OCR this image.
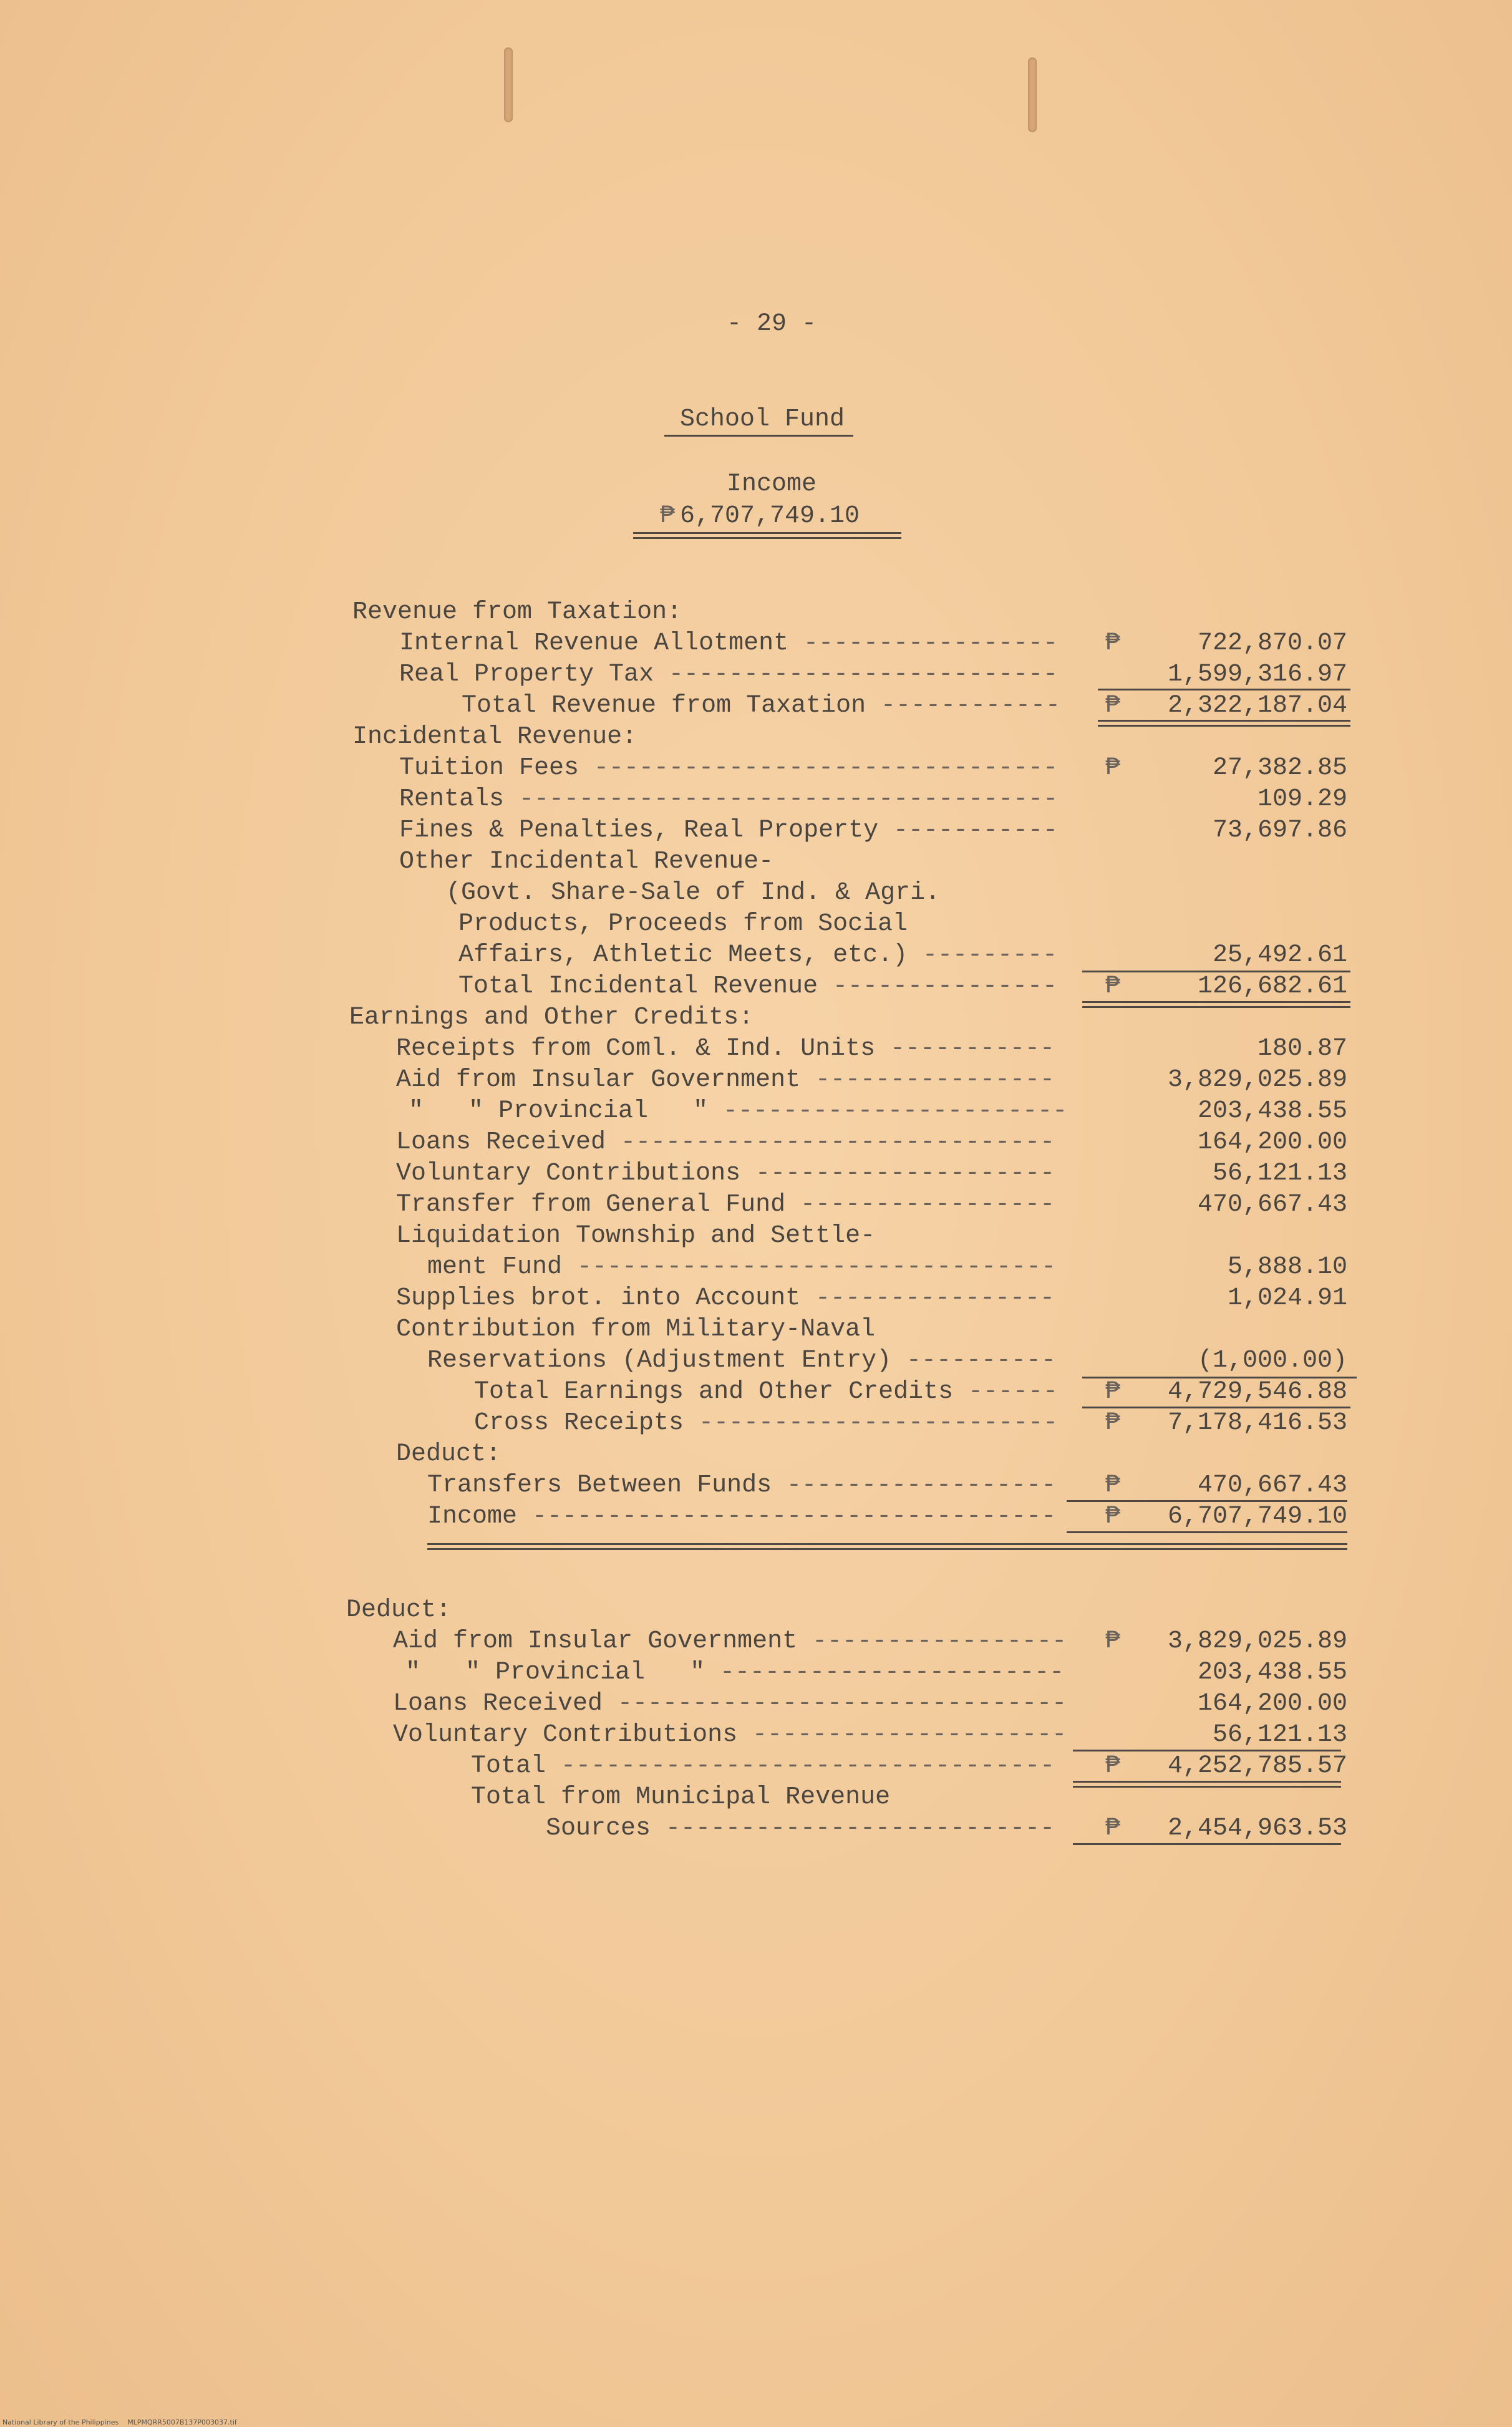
- 29 -
School Fund
Income
₱ 6,707,749.10
Revenue from Taxation:
Internal Revenue Allotment -----------------	₱	722,870.07
Real Property Tax --------------------------	1,599,316.97
Total Revenue from Taxation ------------ ₱	2,322,187.04
Incidental Revenue:
Tuition Fees -------------------------------	₱	27,382.85
Rentals ------------------------------------	109.29
Fines & Penalties, Real Property -----------	73,697.86
Other Incidental Revenue-
(Govt. Share-Sale of Ind. & Agri.
Products, Proceeds from Social
Affairs, Athletic Meets, etc.) ---------	25,492.61
Total Incidental Revenue ---------------	₱	126,682.61
Earnings and Other Credits:
Receipts from Coml. & Ind. Units -----------	180.87
Aid from Insular Government ----------------	3,829,025.89
"   " Provincial   " -----------------------	203,438.55
Loans Received -----------------------------	164,200.00
Voluntary Contributions --------------------	56,121.13
Transfer from General Fund -----------------	470,667.43
Liquidation Township and Settle-
ment Fund --------------------------------	5,888.10
Supplies brot. into Account ----------------	1,024.91
Contribution from Military-Naval
Reservations (Adjustment Entry) ----------	(1,000.00)
Total Earnings and Other Credits ------	₱	4,729,546.88
Cross Receipts ------------------------	₱	7,178,416.53
Deduct:
Transfers Between Funds ------------------	₱	470,667.43
Income -----------------------------------	₱	6,707,749.10
Deduct:
Aid from Insular Government ----------------- ₱	3,829,025.89
"   " Provincial   " -----------------------	203,438.55
Loans Received ------------------------------	164,200.00
Voluntary Contributions ---------------------	56,121.13
Total ---------------------------------	₱	4,252,785.57
Total from Municipal Revenue
Sources --------------------------	₱	2,454,963.53
National Library of the Philippines    MLPMQRR5007B137P003037.tif
